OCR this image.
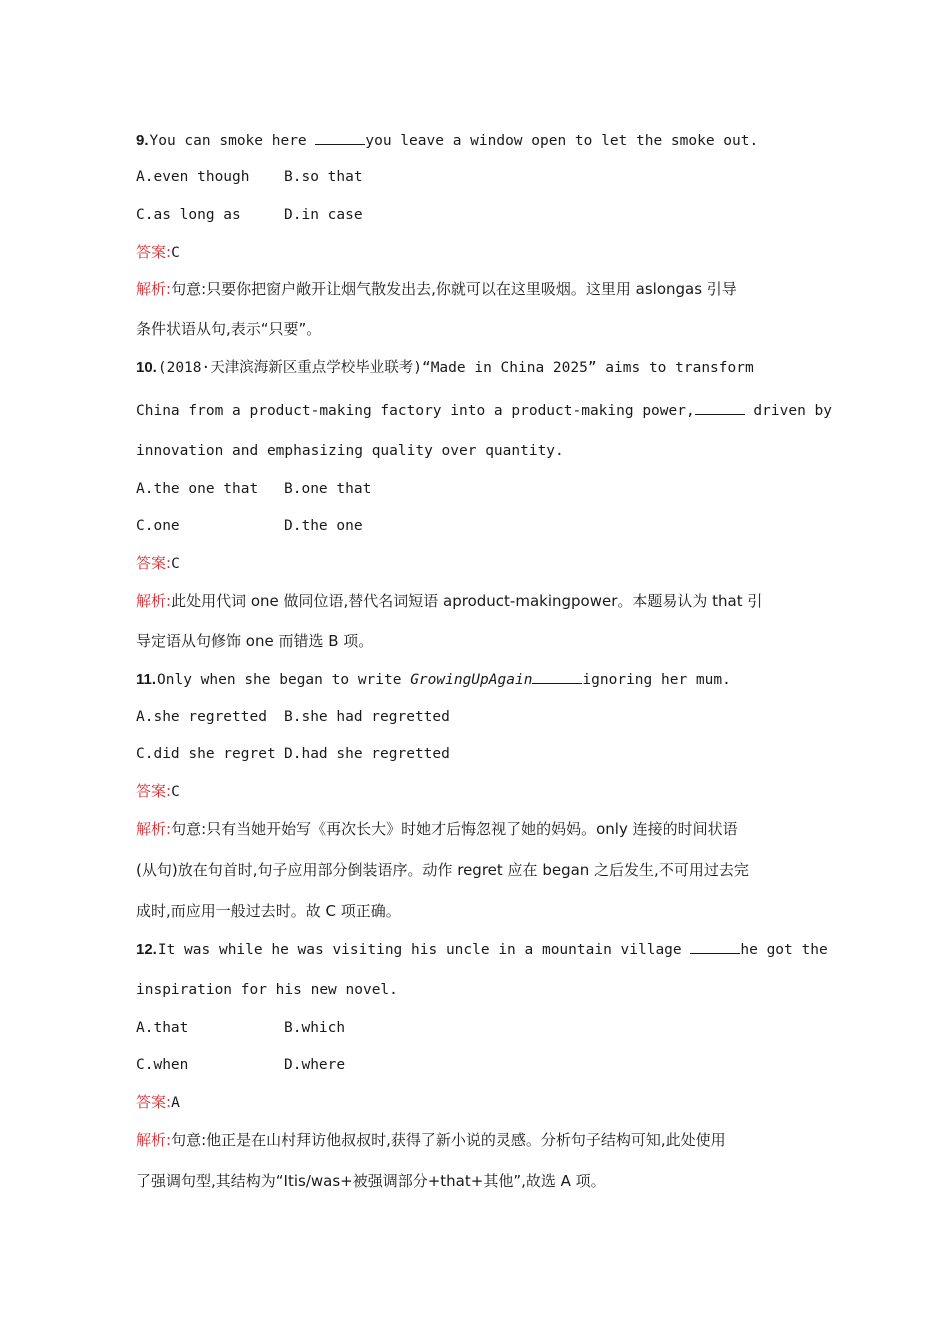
9.You can smoke here	you leave a window open to let the smoke out.
A.even though B.so that
C.as long as	D.in case
答案:C
解析:句意:只要你把窗户敞开让烟气散发出去,你就可以在这里吸烟。这里用 aslongas 引导
条件状语从句,表示“只要”。
10.(2018·天津滨海新区重点学校毕业联考)“Made in China 2025” aims to transform
China from a product-making factory into a product-making power,	driven by
innovation and emphasizing quality over quantity.
A.the one that B.one that
C.one	D.the one
答案:C
解析:此处用代词 one 做同位语,替代名词短语 aproduct-makingpower。本题易认为 that 引
导定语从句修饰 one 而错选 B 项。
11.Only when she began to write GrowingUpAgain	ignoring her mum.
A.she regretted B.she had regretted
C.did she regret D.had she regretted
答案:C
解析:句意:只有当她开始写《再次长大》时她才后悔忽视了她的妈妈。only 连接的时间状语
(从句)放在句首时,句子应用部分倒装语序。动作 regret 应在 began 之后发生,不可用过去完
成时,而应用一般过去时。故 C 项正确。
12.It was while he was visiting his uncle in a mountain village	he got the
inspiration for his new novel.
A.that	B.which
C.when	D.where
答案:A
解析:句意:他正是在山村拜访他叔叔时,获得了新小说的灵感。分析句子结构可知,此处使用
了强调句型,其结构为“Itis/was+被强调部分+that+其他”,故选 A 项。
